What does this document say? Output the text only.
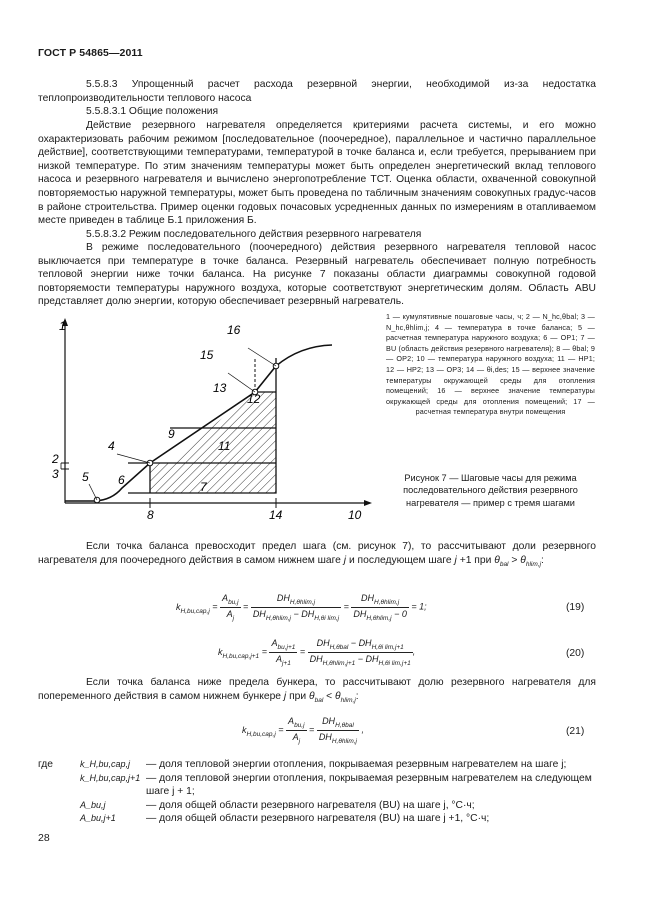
ГОСТ Р 54865—2011
5.5.8.3 Упрощенный расчет расхода резервной энергии, необходимой из-за недостатка теплопроизводительности теплового насоса
5.5.8.3.1 Общие положения
Действие резервного нагревателя определяется критериями расчета системы, и его можно охарактеризовать рабочим режимом [последовательное (поочередное), параллельное и частично параллельное действие], соответствующими температурами, температурой в точке баланса и, если требуется, прерыванием при низкой температуре. По этим значениям температуры может быть определен энергетический вклад теплового насоса и резервного нагревателя и вычислено энергопотребление ТСТ. Оценка области, охваченной совокупной повторяемостью наружной температуры, может быть проведена по табличным значениям совокупных градус-часов в районе строительства. Пример оценки годовых почасовых усредненных данных по измерениям в отапливаемом месте приведен в таблице Б.1 приложения Б.
5.5.8.3.2 Режим последовательного действия резервного нагревателя
В режиме последовательного (поочередного) действия резервного нагревателя тепловой насос выключается при температуре в точке баланса. Резервный нагреватель обеспечивает полную потребность тепловой энергии ниже точки баланса. На рисунке 7 показаны области диаграммы совокупной годовой повторяемости температуры наружного воздуха, которые соответствуют энергетическим долям. Область ABU представляет долю энергии, которую обеспечивает резервный нагреватель.
1
2
3
4
5 6	7
8
9
10
11
12
13
14
15
16
1 — кумулятивные пошаговые часы, ч; 2 — N_hc,θbal; 3 — N_hc,θhlim,j; 4 — температура в точке баланса; 5 — расчетная температура наружного воздуха; 6 — OP1; 7 — BU (область действия резервного нагревателя); 8 — θbal; 9 — OP2; 10 — температура наружного воздуха; 11 — HP1; 12 — HP2; 13 — OP3; 14 — θi,des; 15 — верхнее значение температуры окружающей среды для отопления помещений; 16 — верхнее значение температуры окружающей среды для отопления помещений; 17 — расчетная температура внутри помещения
Рисунок 7 — Шаговые часы для режима последовательного действия резервного нагревателя — пример с тремя шагами
Если точка баланса превосходит предел шага (см. рисунок 7), то рассчитывают доли резервного нагревателя для поочередного действия в самом нижнем шаге j и последующем шаге j +1 при $\theta_{bal} > \theta_{hlim,j}$:
$k_{H,bu,cap,j} = \frac{A_{bu,j}}{A_j} = \frac{DH_{H,\theta hlim,j}}{DH_{H,\theta hlim,j} - DH_{H,\theta i lim,j}} = \frac{DH_{H,\theta hlim,j}}{DH_{H,\theta hlim,j} - 0} = 1$;	(19)
$k_{H,bu,cap,j+1} = \frac{A_{bu,j+1}}{A_{j+1}} = \frac{DH_{H,\theta bal} - DH_{H,\theta i lim,j+1}}{DH_{H,\theta hlim,j+1} - DH_{H,\theta i lim,j+1}}$ ,	(20)
Если точка баланса ниже предела бункера, то рассчитывают долю резервного нагревателя для попеременного действия в самом нижнем бункере j при $\theta_{bal} < \theta_{hlim,j}$:
$k_{H,bu,cap,j} = \frac{A_{bu,j}}{A_j} = \frac{DH_{H,\theta bal}}{DH_{H,\theta hlim,j}}$ ,	(21)
где	k_H,bu,cap,j	— доля тепловой энергии отопления, покрываемая резервным нагревателем на шаге j;
k_H,bu,cap,j+1 — доля тепловой энергии отопления, покрываемая резервным нагревателем на следующем шаге j + 1;
A_bu,j	— доля общей области резервного нагревателя (BU) на шаге j, °C·ч;
A_bu,j+1	— доля общей области резервного нагревателя (BU) на шаге j +1, °C·ч;
28
